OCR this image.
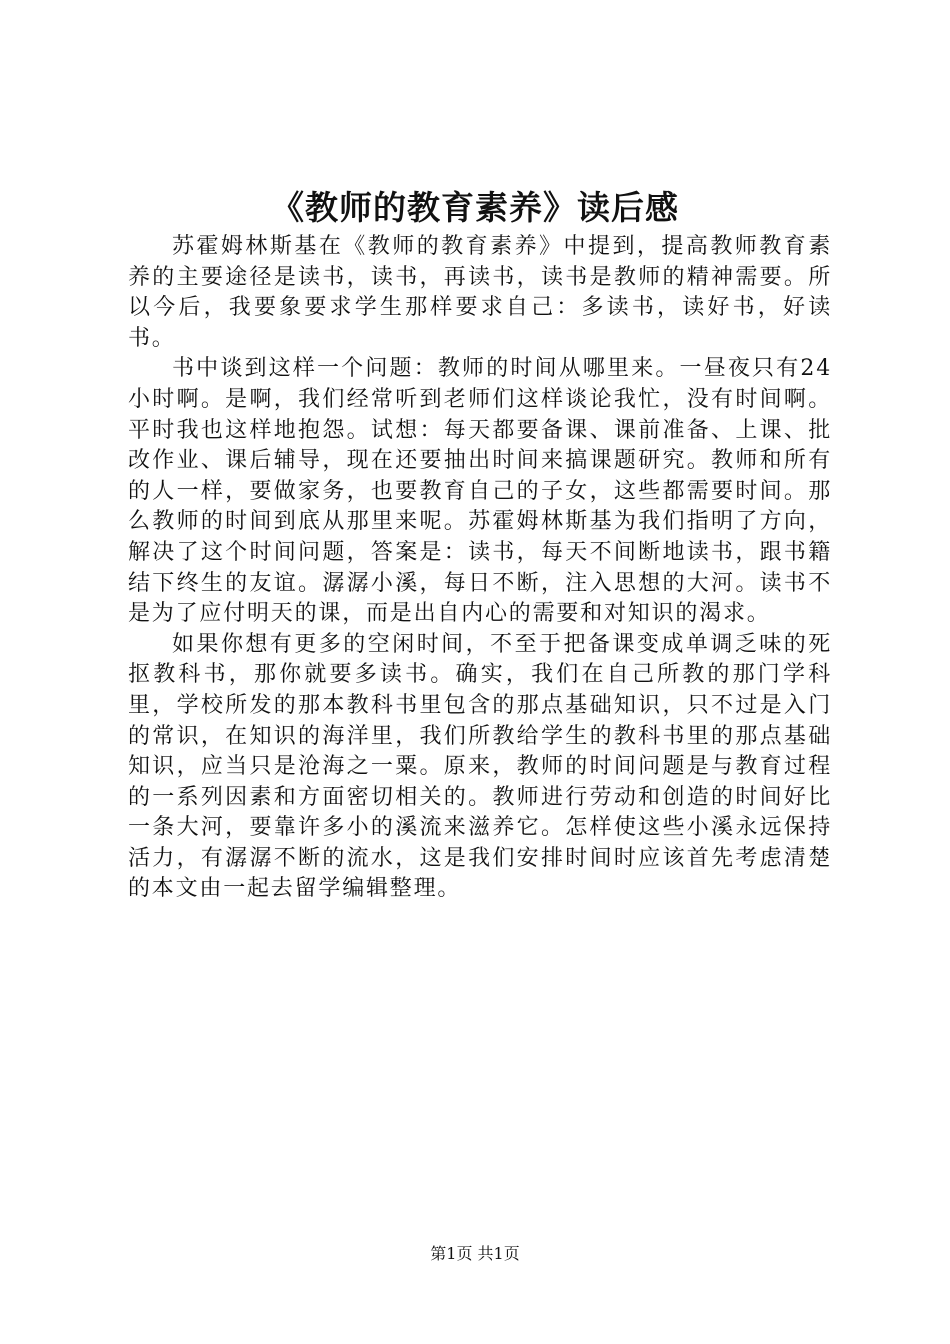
《教师的教育素养》读后感

苏霍姆林斯基在《教师的教育素养》中提到，提高教师教育素养的主要途径是读书，读书，再读书，读书是教师的精神需要。所以今后，我要象要求学生那样要求自己：多读书，读好书，好读书。

书中谈到这样一个问题：教师的时间从哪里来。一昼夜只有24小时啊。是啊，我们经常听到老师们这样谈论我忙，没有时间啊。平时我也这样地抱怨。试想：每天都要备课、课前准备、上课、批改作业、课后辅导，现在还要抽出时间来搞课题研究。教师和所有的人一样，要做家务，也要教育自己的子女，这些都需要时间。那么教师的时间到底从那里来呢。苏霍姆林斯基为我们指明了方向，解决了这个时间问题，答案是：读书，每天不间断地读书，跟书籍结下终生的友谊。潺潺小溪，每日不断，注入思想的大河。读书不是为了应付明天的课，而是出自内心的需要和对知识的渴求。

如果你想有更多的空闲时间，不至于把备课变成单调乏味的死抠教科书，那你就要多读书。确实，我们在自己所教的那门学科里，学校所发的那本教科书里包含的那点基础知识，只不过是入门的常识，在知识的海洋里，我们所教给学生的教科书里的那点基础知识，应当只是沧海之一粟。原来，教师的时间问题是与教育过程的一系列因素和方面密切相关的。教师进行劳动和创造的时间好比一条大河，要靠许多小的溪流来滋养它。怎样使这些小溪永远保持活力，有潺潺不断的流水，这是我们安排时间时应该首先考虑清楚的本文由一起去留学编辑整理。

第1页 共1页
